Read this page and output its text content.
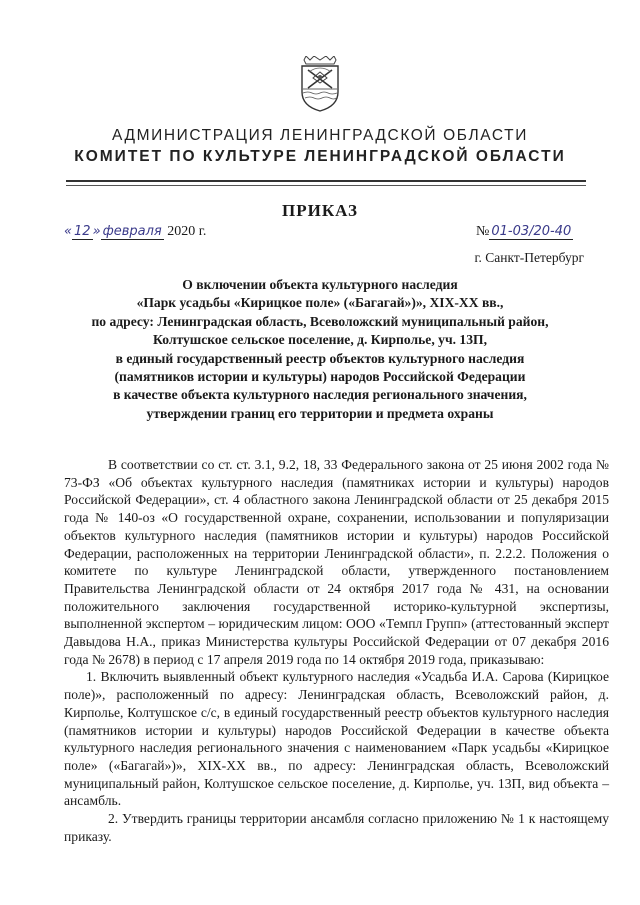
АДМИНИСТРАЦИЯ ЛЕНИНГРАДСКОЙ ОБЛАСТИ
КОМИТЕТ ПО КУЛЬТУРЕ ЛЕНИНГРАДСКОЙ ОБЛАСТИ
ПРИКАЗ
« 12 » февраля 2020 г.	№ 01-03/20-40
г. Санкт-Петербург
О включении объекта культурного наследия
«Парк усадьбы «Кирицкое поле» («Багагай»)», XIX-XX вв.,
по адресу: Ленинградская область, Всеволожский муниципальный район,
Колтушское сельское поселение, д. Кирполье, уч. 13П,
в единый государственный реестр объектов культурного наследия
(памятников истории и культуры) народов Российской Федерации
в качестве объекта культурного наследия регионального значения,
утверждении границ его территории и предмета охраны

В соответствии со ст. ст. 3.1, 9.2, 18, 33 Федерального закона от 25 июня 2002 года № 73-ФЗ «Об объектах культурного наследия (памятниках истории и культуры) народов Российской Федерации», ст. 4 областного закона Ленинградской области от 25 декабря 2015 года № 140-оз «О государственной охране, сохранении, использовании и популяризации объектов культурного наследия (памятников истории и культуры) народов Российской Федерации, расположенных на территории Ленинградской области», п. 2.2.2. Положения о комитете по культуре Ленинградской области, утвержденного постановлением Правительства Ленинградской области от 24 октября 2017 года № 431, на основании положительного заключения государственной историко-культурной экспертизы, выполненной экспертом – юридическим лицом: ООО «Темпл Групп» (аттестованный эксперт Давыдова Н.А., приказ Министерства культуры Российской Федерации от 07 декабря 2016 года № 2678) в период с 17 апреля 2019 года по 14 октября 2019 года, приказываю:

1. Включить выявленный объект культурного наследия «Усадьба И.А. Сарова (Кирицкое поле)», расположенный по адресу: Ленинградская область, Всеволожский район, д. Кирполье, Колтушское с/с, в единый государственный реестр объектов культурного наследия (памятников истории и культуры) народов Российской Федерации в качестве объекта культурного наследия регионального значения с наименованием «Парк усадьбы «Кирицкое поле» («Багагай»)», XIX-XX вв., по адресу: Ленинградская область, Всеволожский муниципальный район, Колтушское сельское поселение, д. Кирполье, уч. 13П, вид объекта – ансамбль.

2. Утвердить границы территории ансамбля согласно приложению № 1 к настоящему приказу.
